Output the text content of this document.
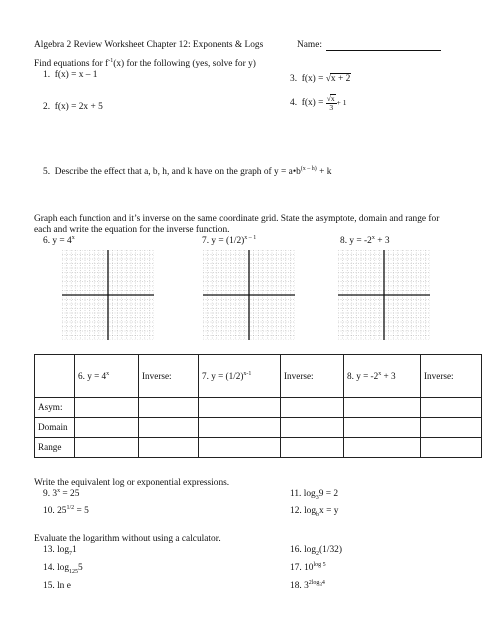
Algebra 2 Review Worksheet Chapter 12: Exponents & Logs	Name:
Find equations for $f^{-1}(x)$ for the following (yes, solve for y)
1. f(x) = x – 1
2. f(x) = 2x + 5
3. f(x) = √x + 2
4. $f(x) = \frac{√x}{3} + 1$
5. Describe the effect that a, b, h, and k have on the graph of $y = a•b^{(x - h)} + k$
Graph each function and it’s inverse on the same coordinate grid. State the asymptote, domain and range for
each and write the equation for the inverse function.
6. $y = 4^x$	7. $y = (1/2)^{x - 1}$	8. $y = -2^x + 3$
	6. $y = 4^x$	Inverse:	7. $y = (1/2)^{x-1}$	Inverse:	8. $y = -2^x + 3$	Inverse:
Asym:						
Domain						
Range						
Write the equivalent log or exponential expressions.
9. $3^x = 25$
10. $25^{1/2} = 5$
11. $\log_39 = 2$
12. $\log_bx = y$
Evaluate the logarithm without using a calculator.
13. $\log_71$
14. $\log_{125}5$
15. ln e
16. $\log_2(1/32)$
17. $10^{log 5}$
18. $3^{2log_34}$
